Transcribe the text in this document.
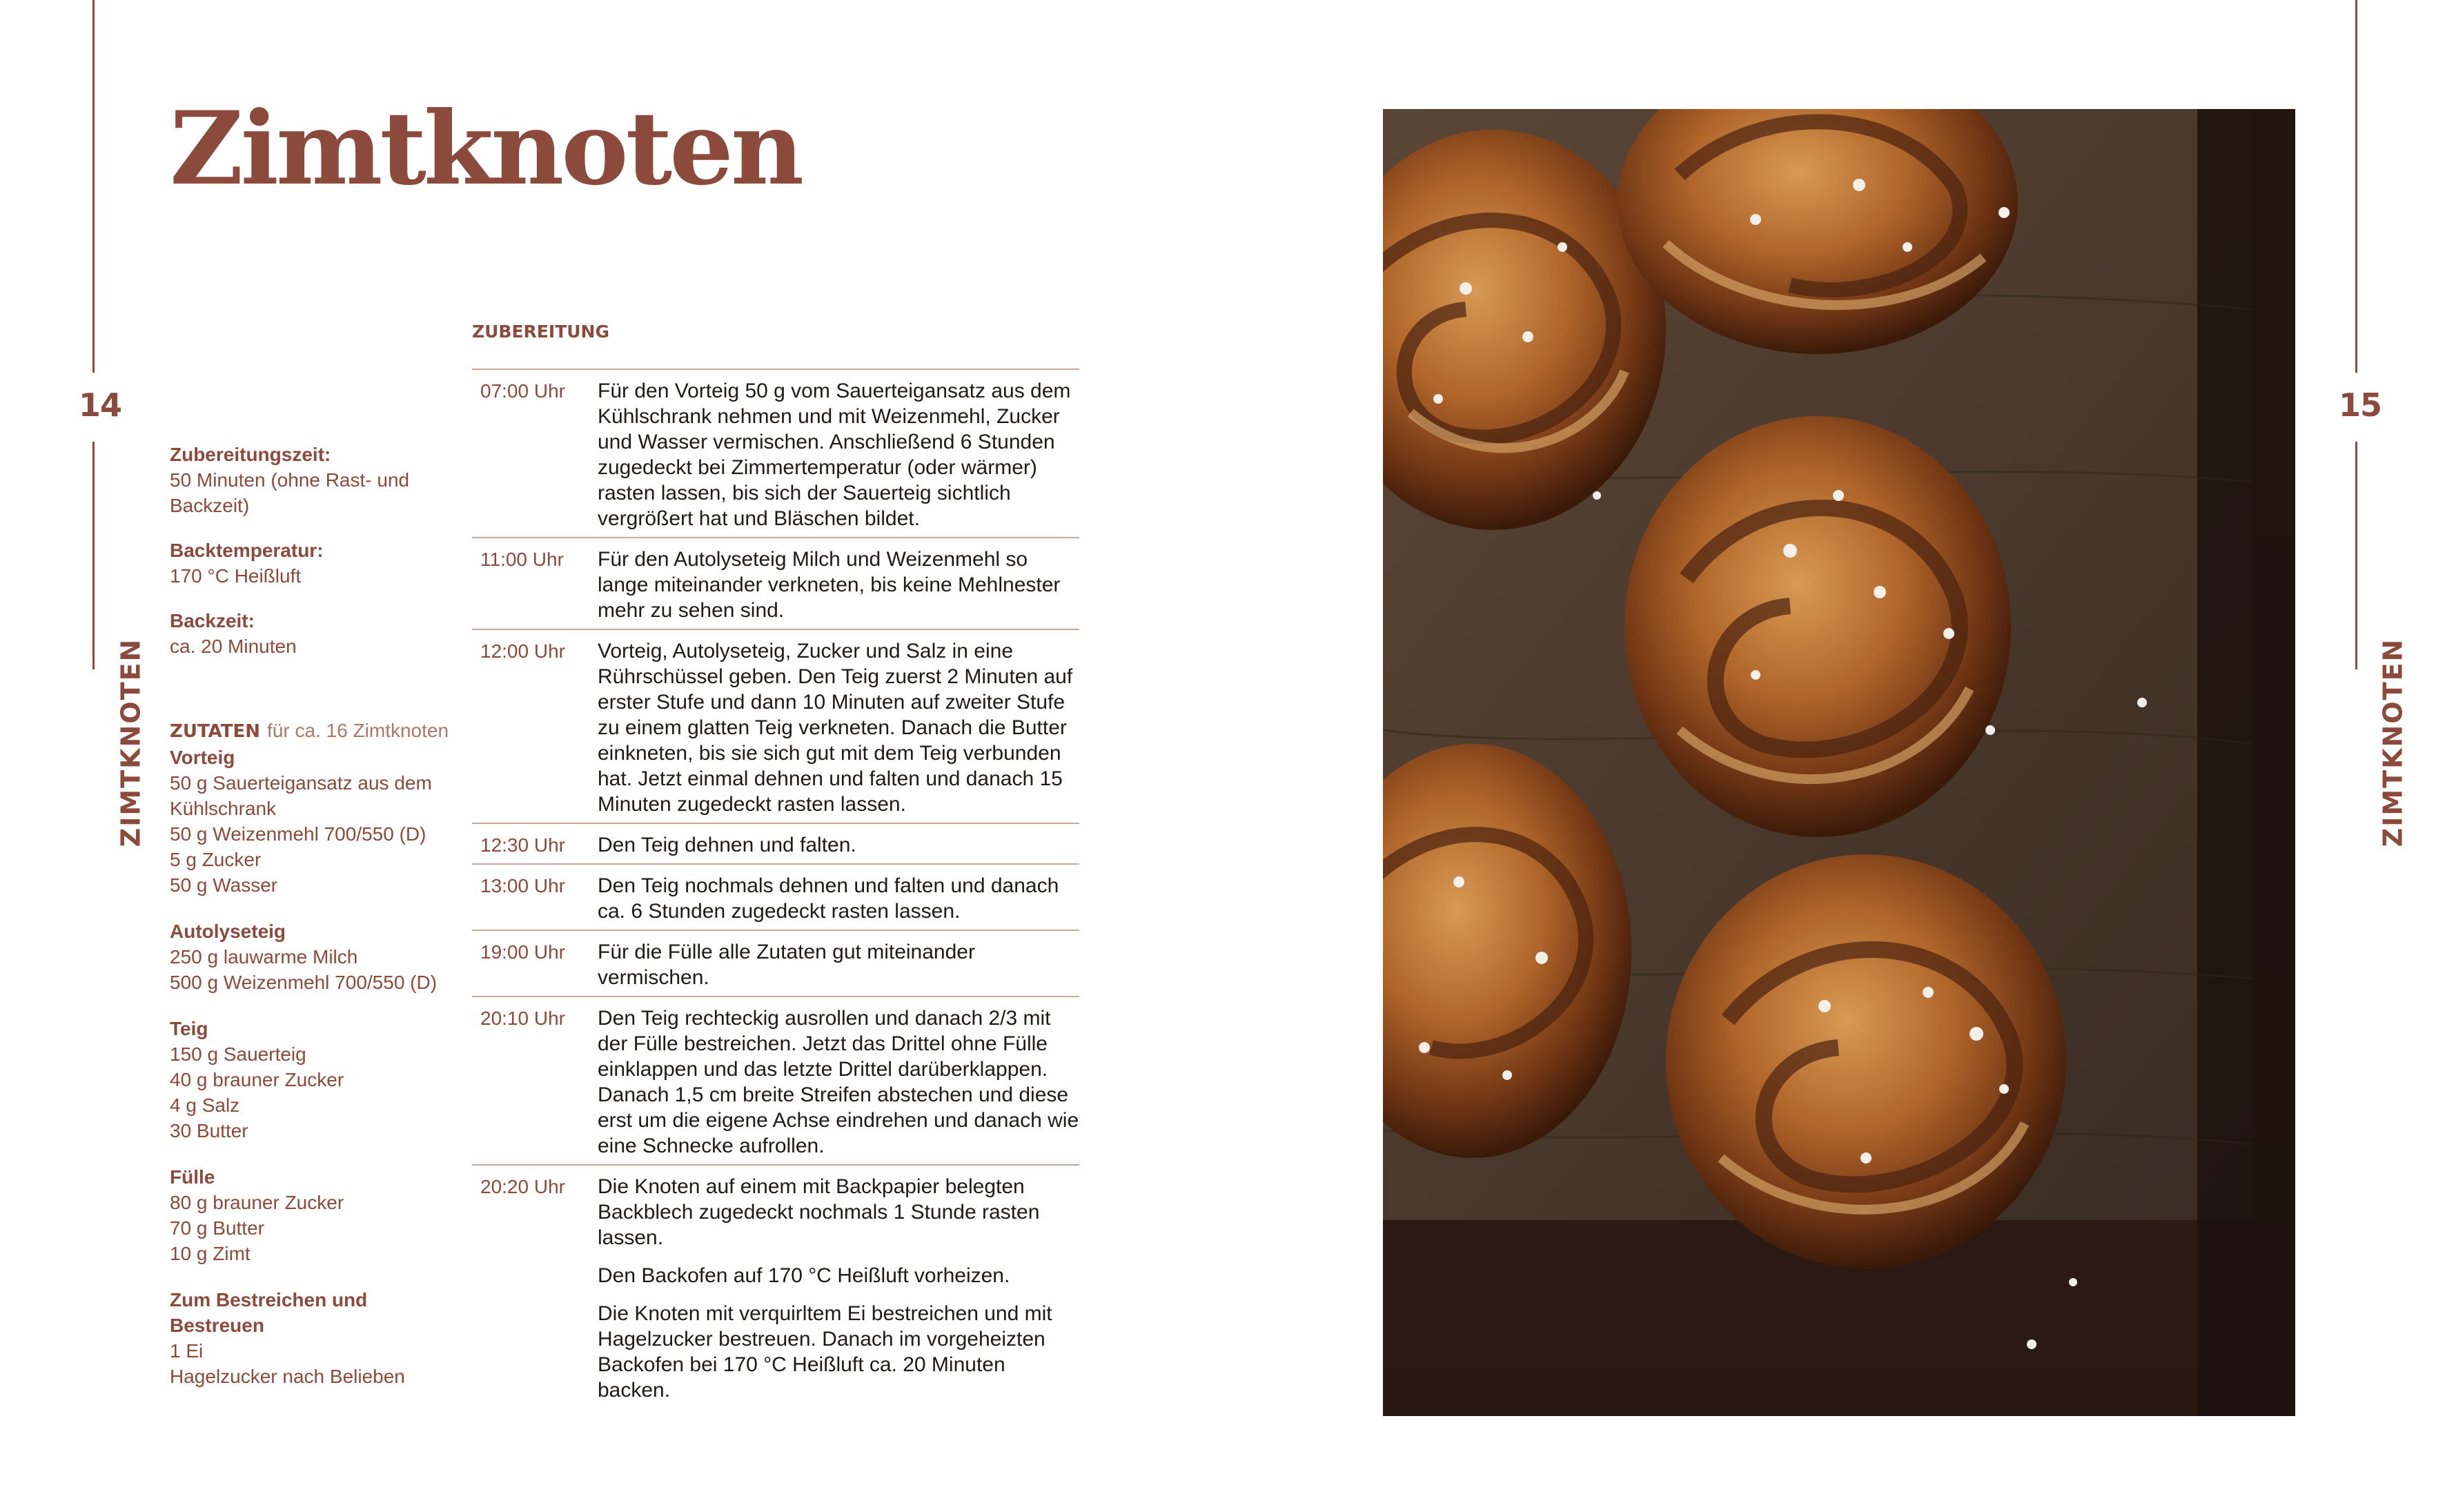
14
ZIMTKNOTEN
15
ZIMTKNOTEN
Zimtknoten
Zubereitungszeit:
50 Minuten (ohne Rast- und Backzeit)
Backtemperatur:
170 °C Heißluft
Backzeit:
ca. 20 Minuten
ZUTATEN für ca. 16 Zimtknoten
Vorteig
50 g Sauerteigansatz aus dem Kühlschrank
50 g Weizenmehl 700/550 (D)
5 g Zucker
50 g Wasser
Autolyseteig
250 g lauwarme Milch
500 g Weizenmehl 700/550 (D)
Teig
150 g Sauerteig
40 g brauner Zucker
4 g Salz
30 Butter
Fülle
80 g brauner Zucker
70 g Butter
10 g Zimt
Zum Bestreichen und Bestreuen
1 Ei
Hagelzucker nach Belieben
ZUBEREITUNG
07:00 Uhr	Für den Vorteig 50 g vom Sauerteigansatz aus dem Kühlschrank nehmen und mit Weizenmehl, Zucker und Wasser vermischen. Anschließend 6 Stunden zugedeckt bei Zimmertemperatur (oder wärmer) rasten lassen, bis sich der Sauerteig sichtlich vergrößert hat und Bläschen bildet.

11:00 Uhr	Für den Autolyseteig Milch und Weizenmehl so lange miteinander verkneten, bis keine Mehlnester mehr zu sehen sind.

12:00 Uhr	Vorteig, Autolyseteig, Zucker und Salz in eine Rührschüssel geben. Den Teig zuerst 2 Minuten auf erster Stufe und dann 10 Minuten auf zweiter Stufe zu einem glatten Teig verkneten. Danach die Butter einkneten, bis sie sich gut mit dem Teig verbunden hat. Jetzt einmal dehnen und falten und danach 15 Minuten zugedeckt rasten lassen.

12:30 Uhr	Den Teig dehnen und falten.

13:00 Uhr	Den Teig nochmals dehnen und falten und danach ca. 6 Stunden zugedeckt rasten lassen.

19:00 Uhr	Für die Fülle alle Zutaten gut miteinander vermischen.

20:10 Uhr	Den Teig rechteckig ausrollen und danach 2/3 mit der Fülle bestreichen. Jetzt das Drittel ohne Fülle einklappen und das letzte Drittel darüberklappen. Danach 1,5 cm breite Streifen abstechen und diese erst um die eigene Achse eindrehen und danach wie eine Schnecke aufrollen.

20:20 Uhr	Die Knoten auf einem mit Backpapier belegten Backblech zugedeckt nochmals 1 Stunde rasten lassen.

Den Backofen auf 170 °C Heißluft vorheizen.

Die Knoten mit verquirltem Ei bestreichen und mit Hagelzucker bestreuen. Danach im vorgeheizten Backofen bei 170 °C Heißluft ca. 20 Minuten backen.
